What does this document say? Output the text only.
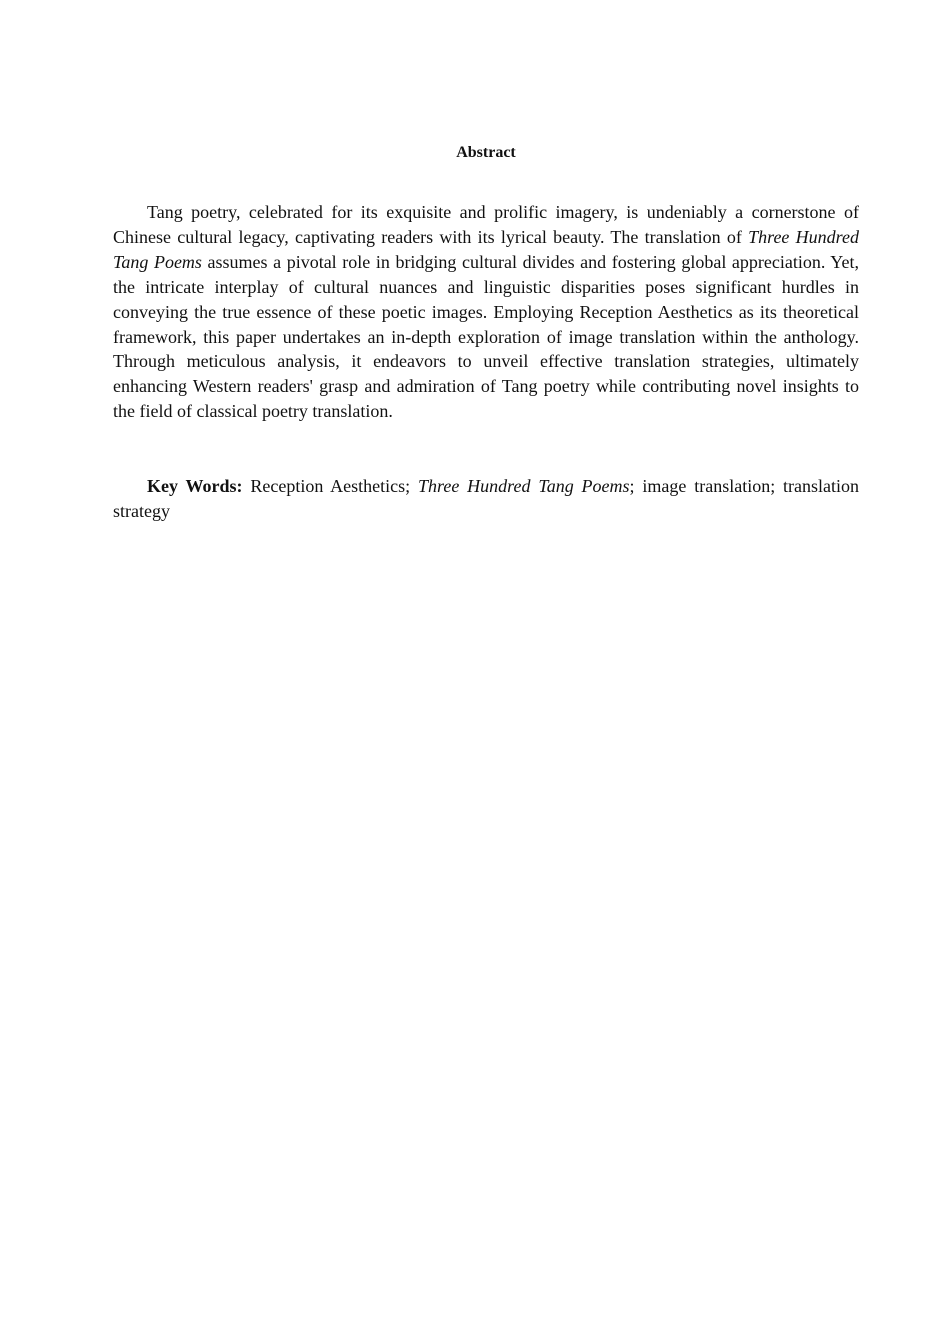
Abstract

Tang poetry, celebrated for its exquisite and prolific imagery, is undeniably a cornerstone of Chinese cultural legacy, captivating readers with its lyrical beauty. The translation of Three Hundred Tang Poems assumes a pivotal role in bridging cultural divides and fostering global appreciation. Yet, the intricate interplay of cultural nuances and linguistic disparities poses significant hurdles in conveying the true essence of these poetic images. Employing Reception Aesthetics as its theoretical framework, this paper undertakes an in-depth exploration of image translation within the anthology. Through meticulous analysis, it endeavors to unveil effective translation strategies, ultimately enhancing Western readers' grasp and admiration of Tang poetry while contributing novel insights to the field of classical poetry translation.

Key Words: Reception Aesthetics; Three Hundred Tang Poems; image translation; translation strategy
